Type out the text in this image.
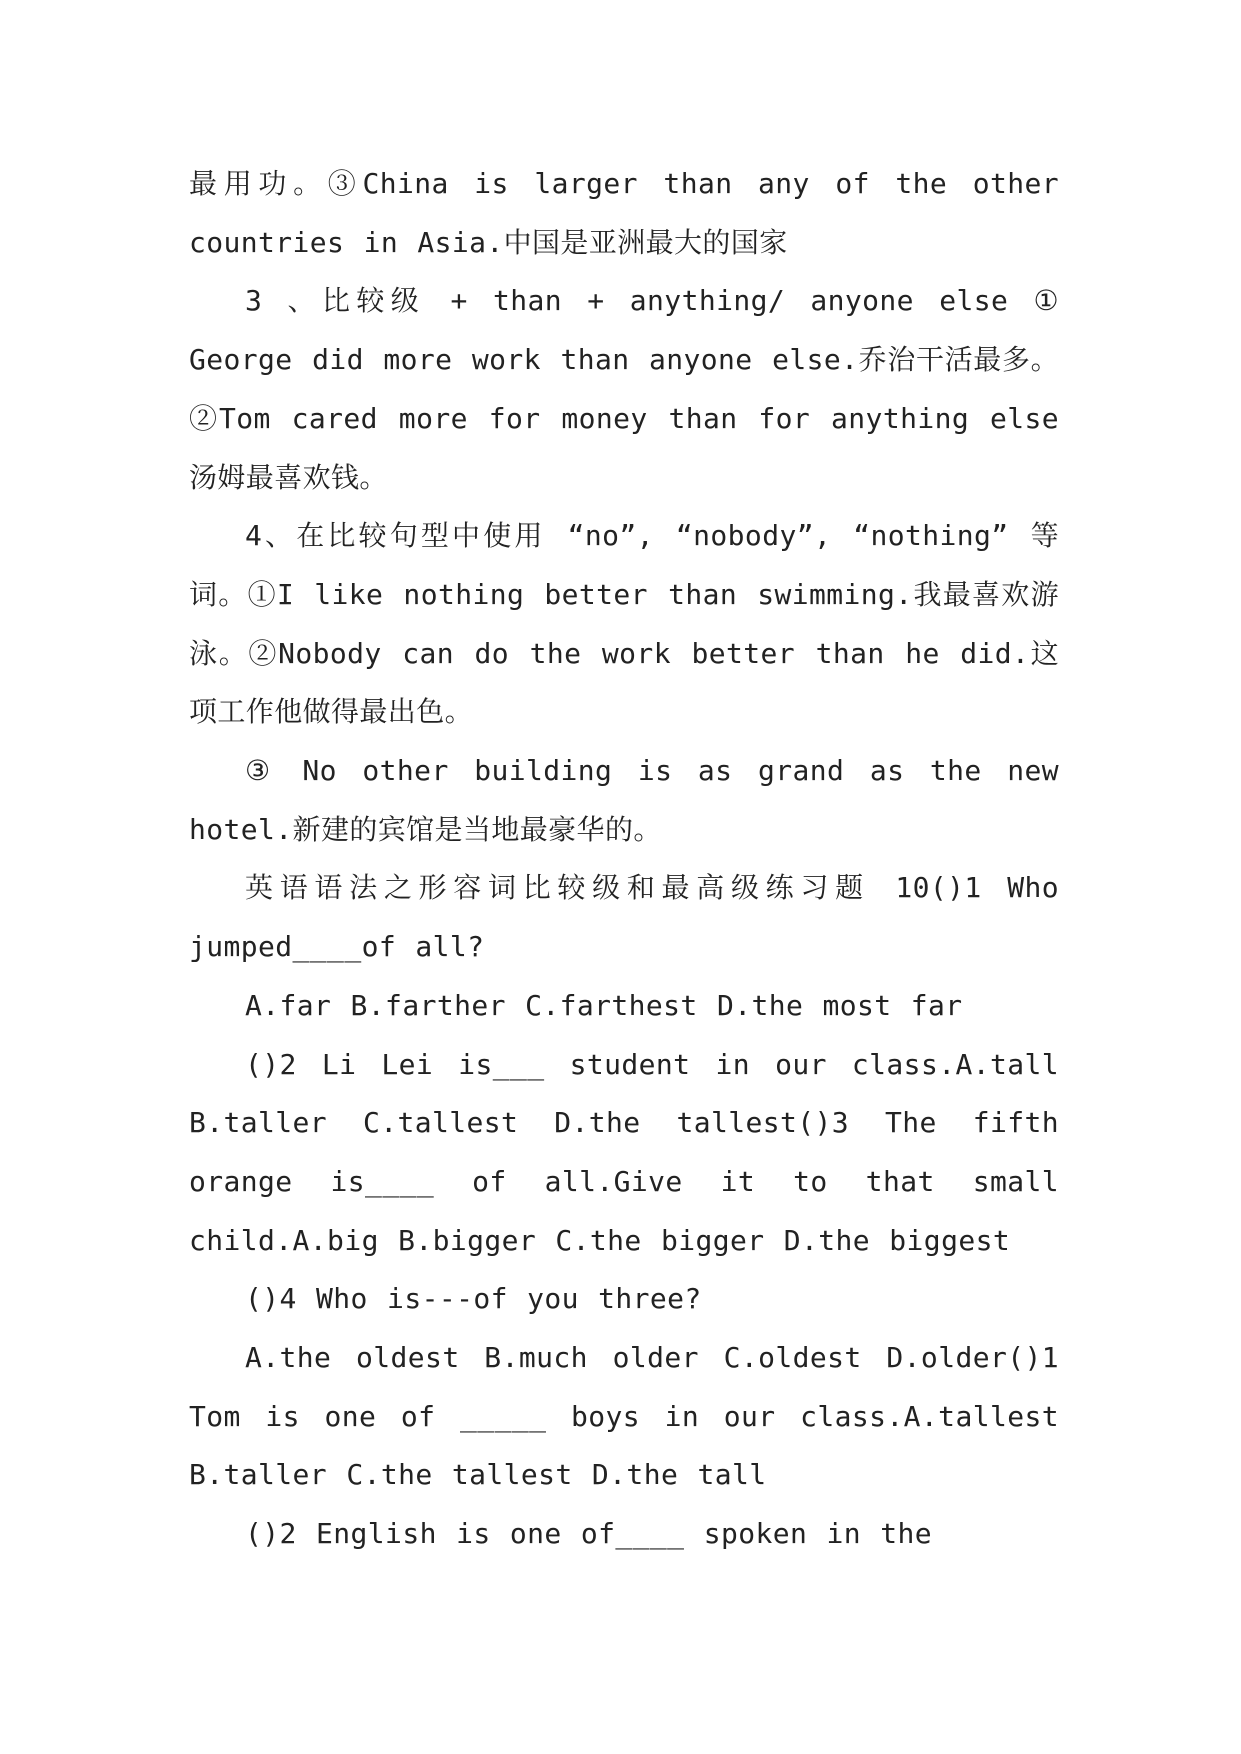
最用功。③China is larger than any of the other countries in Asia.中国是亚洲最大的国家

3 、比较级 + than + anything/ anyone else ① George did more work than anyone else.乔治干活最多。②Tom cared more for money than for anything else 汤姆最喜欢钱。

4、在比较句型中使用 “no”, “nobody”, “nothing” 等词。①I like nothing better than swimming.我最喜欢游泳。②Nobody can do the work better than he did.这项工作他做得最出色。

③ No other building is as grand as the new hotel.新建的宾馆是当地最豪华的。

英语语法之形容词比较级和最高级练习题 10()1 Who jumped____of all?

A.far B.farther C.farthest D.the most far

()2 Li Lei is___ student in our class.A.tall B.taller C.tallest D.the tallest()3 The fifth orange is____ of all.Give it to that small child.A.big B.bigger C.the bigger D.the biggest

()4 Who is---of you three?

A.the oldest B.much older C.oldest D.older()1 Tom is one of _____ boys in our class.A.tallest B.taller C.the tallest D.the tall

()2 English is one of____ spoken in the
